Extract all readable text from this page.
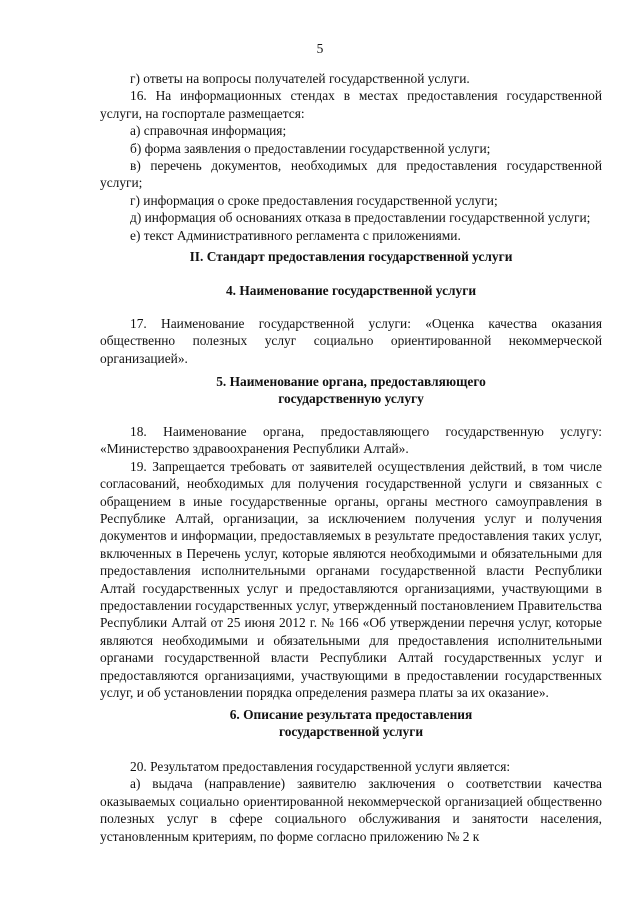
5

г) ответы на вопросы получателей государственной услуги.

16. На информационных стендах в местах предоставления государственной услуги, на госпортале размещается:

а) справочная информация;

б) форма заявления о предоставлении государственной услуги;

в) перечень документов, необходимых для предоставления государственной услуги;

г) информация о сроке предоставления государственной услуги;

д) информация об основаниях отказа в предоставлении государственной услуги;

е) текст Административного регламента с приложениями.

II. Стандарт предоставления государственной услуги
4. Наименование государственной услуги

17. Наименование государственной услуги: «Оценка качества оказания общественно полезных услуг социально ориентированной некоммерческой организацией».

5. Наименование органа, предоставляющего
государственную услугу

18. Наименование органа, предоставляющего государственную услугу: «Министерство здравоохранения Республики Алтай».

19. Запрещается требовать от заявителей осуществления действий, в том числе согласований, необходимых для получения государственной услуги и связанных с обращением в иные государственные органы, органы местного самоуправления в Республике Алтай, организации, за исключением получения услуг и получения документов и информации, предоставляемых в результате предоставления таких услуг, включенных в Перечень услуг, которые являются необходимыми и обязательными для предоставления исполнительными органами государственной власти Республики Алтай государственных услуг и предоставляются организациями, участвующими в предоставлении государственных услуг, утвержденный постановлением Правительства Республики Алтай от 25 июня 2012 г. № 166 «Об утверждении перечня услуг, которые являются необходимыми и обязательными для предоставления исполнительными органами государственной власти Республики Алтай государственных услуг и предоставляются организациями, участвующими в предоставлении государственных услуг, и об установлении порядка определения размера платы за их оказание».

6. Описание результата предоставления
государственной услуги

20. Результатом предоставления государственной услуги является:

а) выдача (направление) заявителю заключения о соответствии качества оказываемых социально ориентированной некоммерческой организацией общественно полезных услуг в сфере социального обслуживания и занятости населения, установленным критериям, по форме согласно приложению № 2 к
